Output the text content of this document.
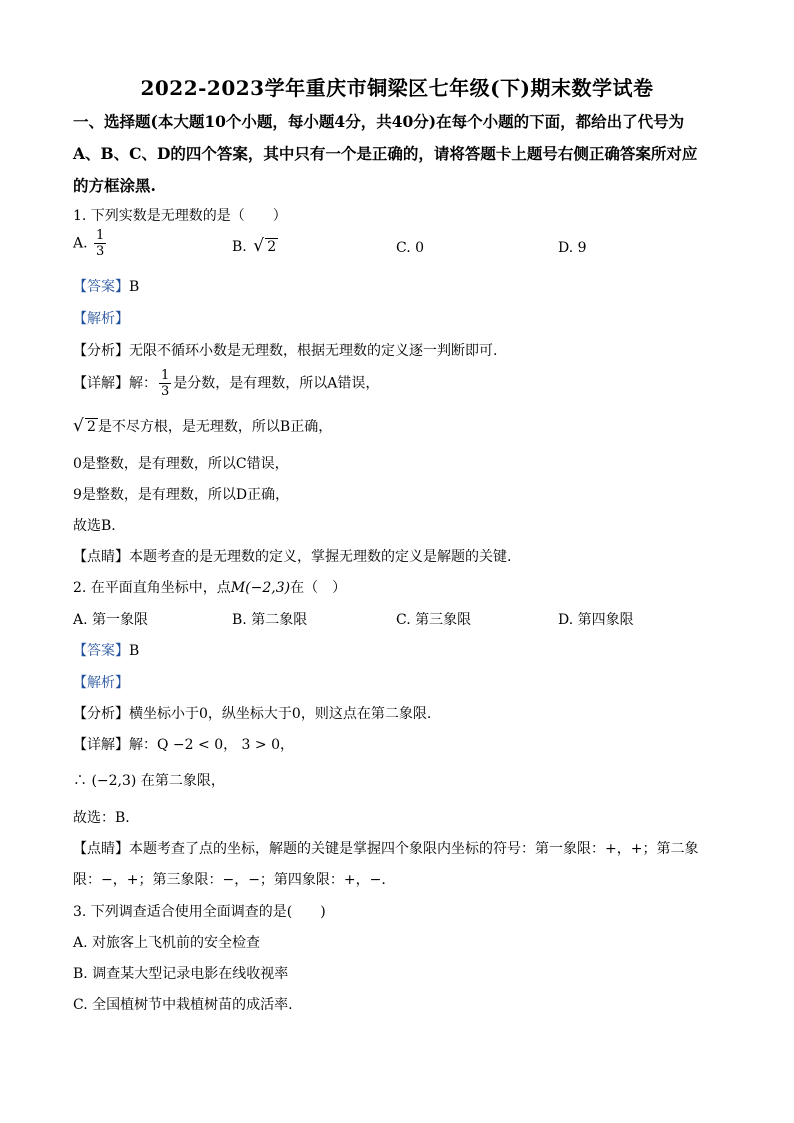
2022-2023学年重庆市铜梁区七年级(下)期末数学试卷
一、选择题(本大题10个小题，每小题4分，共40分)在每个小题的下面，都给出了代号为
A、B、C、D的四个答案，其中只有一个是正确的，请将答题卡上题号右侧正确答案所对应
的方框涂黑.
1. 下列实数是无理数的是（　　）
A. $\frac{1}{3}$	B. √ 2	C. 0	D. 9
【答案】B
【解析】
【分析】无限不循环小数是无理数，根据无理数的定义逐一判断即可.
【详解】解： $\frac{1}{3}$ 是分数，是有理数，所以A错误，
√ 2 是不尽方根，是无理数，所以B正确，
0是整数，是有理数，所以C错误，
9是整数，是有理数，所以D正确，
故选B.
【点睛】本题考查的是无理数的定义，掌握无理数的定义是解题的关键.
2. 在平面直角坐标中，点M(−2,3)在（　）
A. 第一象限	B. 第二象限	C. 第三象限	D. 第四象限
【答案】B
【解析】
【分析】横坐标小于0，纵坐标大于0，则这点在第二象限.
【详解】解：Q −2 < 0， 3 > 0，
∴ (−2,3) 在第二象限，
故选：B.
【点睛】本题考查了点的坐标，解题的关键是掌握四个象限内坐标的符号：第一象限：+，+；第二象
限：−，+；第三象限：−，−；第四象限：+，−.
3. 下列调查适合使用全面调查的是(　　)
A. 对旅客上飞机前的安全检查
B. 调查某大型记录电影在线收视率
C. 全国植树节中栽植树苗的成活率.
